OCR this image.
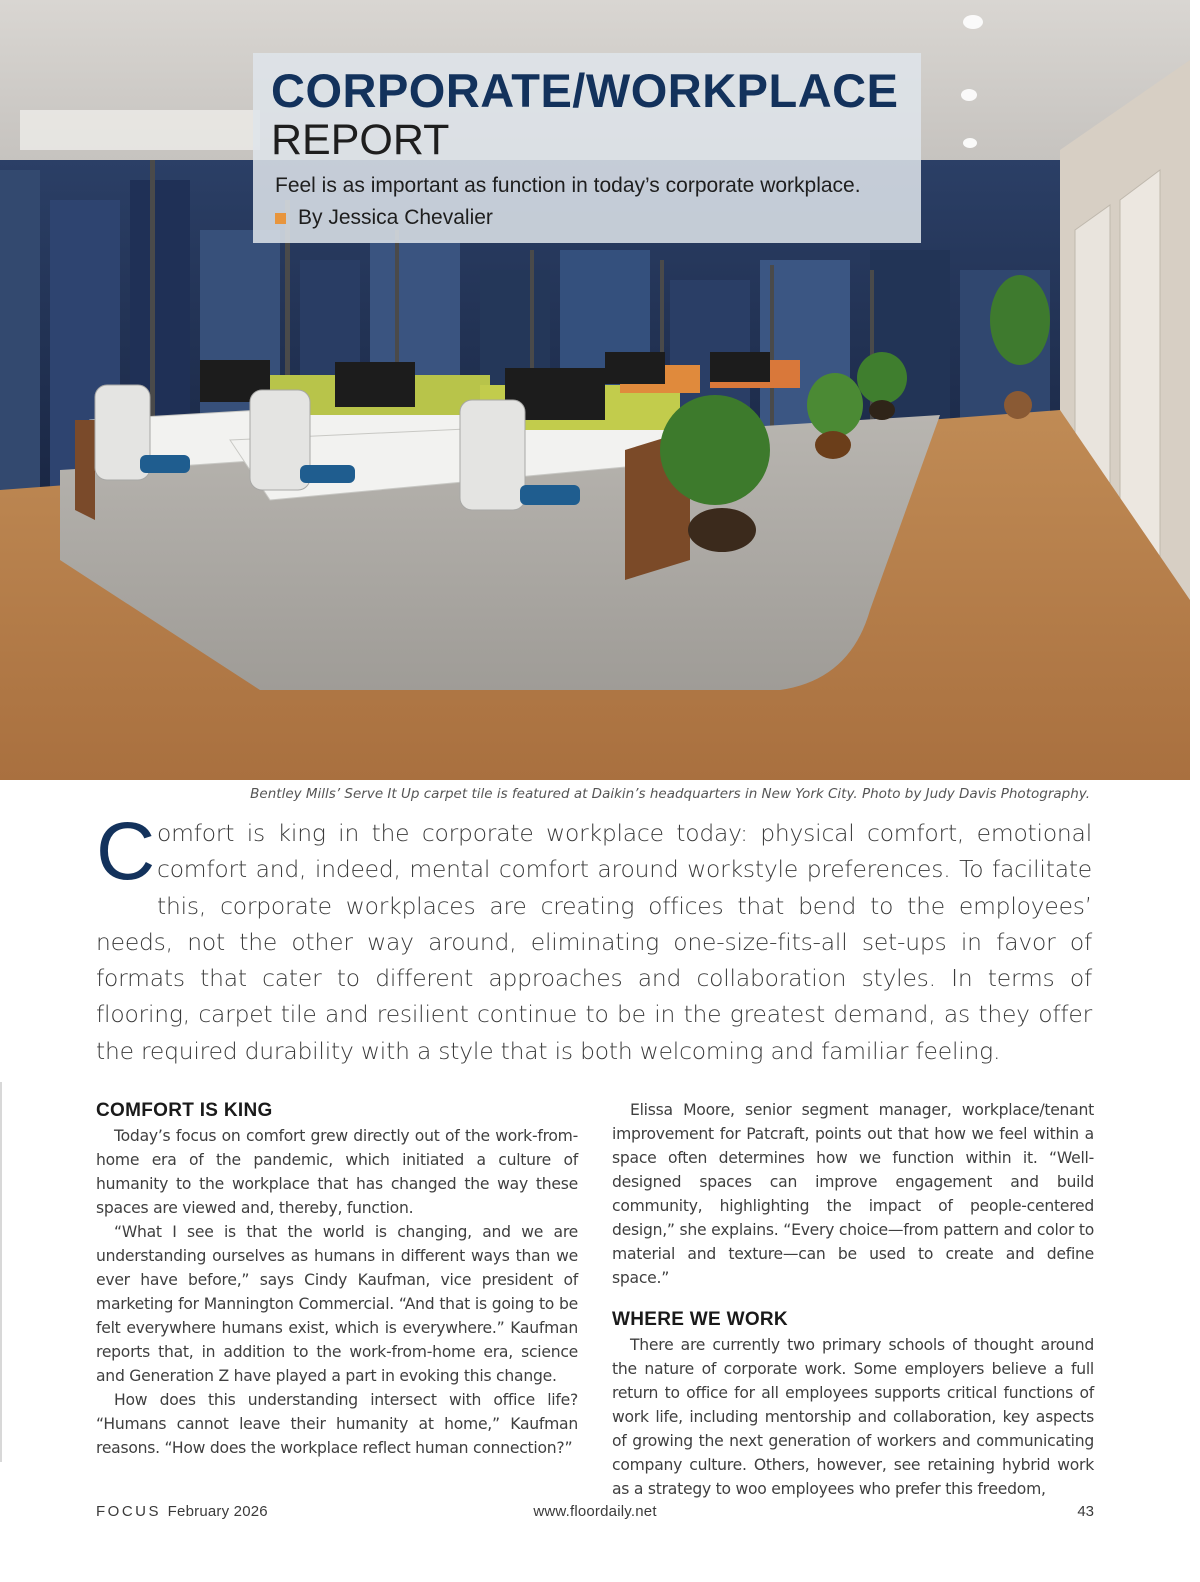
CORPORATE/WORKPLACE
REPORT
Feel is as important as function in today’s corporate workplace.
By Jessica Chevalier
Bentley Mills’ Serve It Up carpet tile is featured at Daikin’s headquarters in New York City. Photo by Judy Davis Photography.
Comfort is king in the corporate workplace today: physical comfort, emotional comfort and, indeed, mental comfort around workstyle preferences. To facilitate this, corporate workplaces are creating offices that bend to the employees’ needs, not the other way around, eliminating one-size-fits-all set-ups in favor of formats that cater to different approaches and collaboration styles. In terms of flooring, carpet tile and resilient continue to be in the greatest demand, as they offer the required durability with a style that is both welcoming and familiar feeling.
COMFORT IS KING

Today’s focus on comfort grew directly out of the work-from-home era of the pandemic, which initiated a culture of humanity to the workplace that has changed the way these spaces are viewed and, thereby, function.

“What I see is that the world is changing, and we are understanding ourselves as humans in different ways than we ever have before,” says Cindy Kaufman, vice president of marketing for Mannington Commercial. “And that is going to be felt everywhere humans exist, which is everywhere.” Kaufman reports that, in addition to the work-from-home era, science and Generation Z have played a part in evoking this change.

How does this understanding intersect with office life? “Humans cannot leave their humanity at home,” Kaufman reasons. “How does the workplace reflect human connection?”

Elissa Moore, senior segment manager, workplace/tenant improvement for Patcraft, points out that how we feel within a space often determines how we function within it. “Well-designed spaces can improve engagement and build community, highlighting the impact of people-centered design,” she explains. “Every choice—from pattern and color to material and texture—can be used to create and define space.”

WHERE WE WORK

There are currently two primary schools of thought around the nature of corporate work. Some employers believe a full return to office for all employees supports critical functions of work life, including mentorship and collaboration, key aspects of growing the next generation of workers and communicating company culture. Others, however, see retaining hybrid work as a strategy to woo employees who prefer this freedom,

FOCUS February 2026	www.floordaily.net	43
